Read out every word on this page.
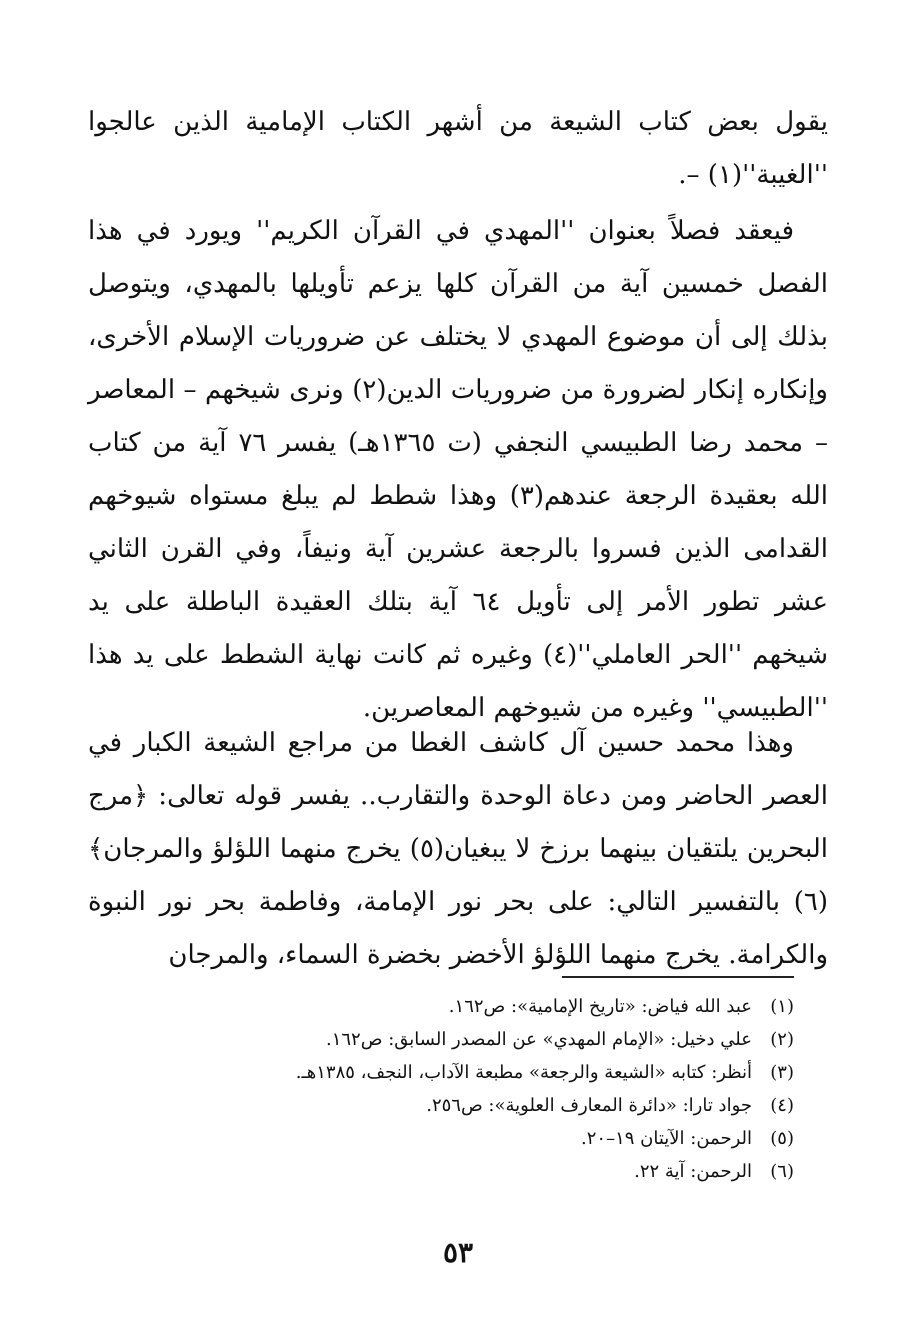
يقول بعض كتاب الشيعة من أشهر الكتاب الإمامية الذين عالجوا ''الغيبة''(١) –.

فيعقد فصلاً بعنوان ''المهدي في القرآن الكريم'' ويورد في هذا الفصل خمسين آية من القرآن كلها يزعم تأويلها بالمهدي، ويتوصل بذلك إلى أن موضوع المهدي لا يختلف عن ضروريات الإسلام الأخرى، وإنكاره إنكار لضرورة من ضروريات الدين(٢) ونرى شيخهم – المعاصر – محمد رضا الطبيسي النجفي (ت ١٣٦٥هـ) يفسر ٧٦ آية من كتاب الله بعقيدة الرجعة عندهم(٣) وهذا شطط لم يبلغ مستواه شيوخهم القدامى الذين فسروا بالرجعة عشرين آية ونيفاً، وفي القرن الثاني عشر تطور الأمر إلى تأويل ٦٤ آية بتلك العقيدة الباطلة على يد شيخهم ''الحر العاملي''(٤) وغيره ثم كانت نهاية الشطط على يد هذا ''الطبيسي'' وغيره من شيوخهم المعاصرين.

وهذا محمد حسين آل كاشف الغطا من مراجع الشيعة الكبار في العصر الحاضر ومن دعاة الوحدة والتقارب.. يفسر قوله تعالى: ﴿مرج البحرين يلتقيان بينهما برزخ لا يبغيان(٥) يخرج منهما اللؤلؤ والمرجان﴾(٦) بالتفسير التالي: على بحر نور الإمامة، وفاطمة بحر نور النبوة والكرامة. يخرج منهما اللؤلؤ الأخضر بخضرة السماء، والمرجان

(١)
عبد الله فياض: «تاريخ الإمامية»: ص١٦٢.
(٢)
علي دخيل: «الإمام المهدي» عن المصدر السابق: ص١٦٢.
(٣)
أنظر: كتابه «الشيعة والرجعة» مطبعة الآداب، النجف، ١٣٨٥هـ.
(٤)
جواد تارا: «دائرة المعارف العلوية»: ص٢٥٦.
(٥)
الرحمن: الآيتان ١٩–٢٠.
(٦)
الرحمن: آية ٢٢.
٥٣
